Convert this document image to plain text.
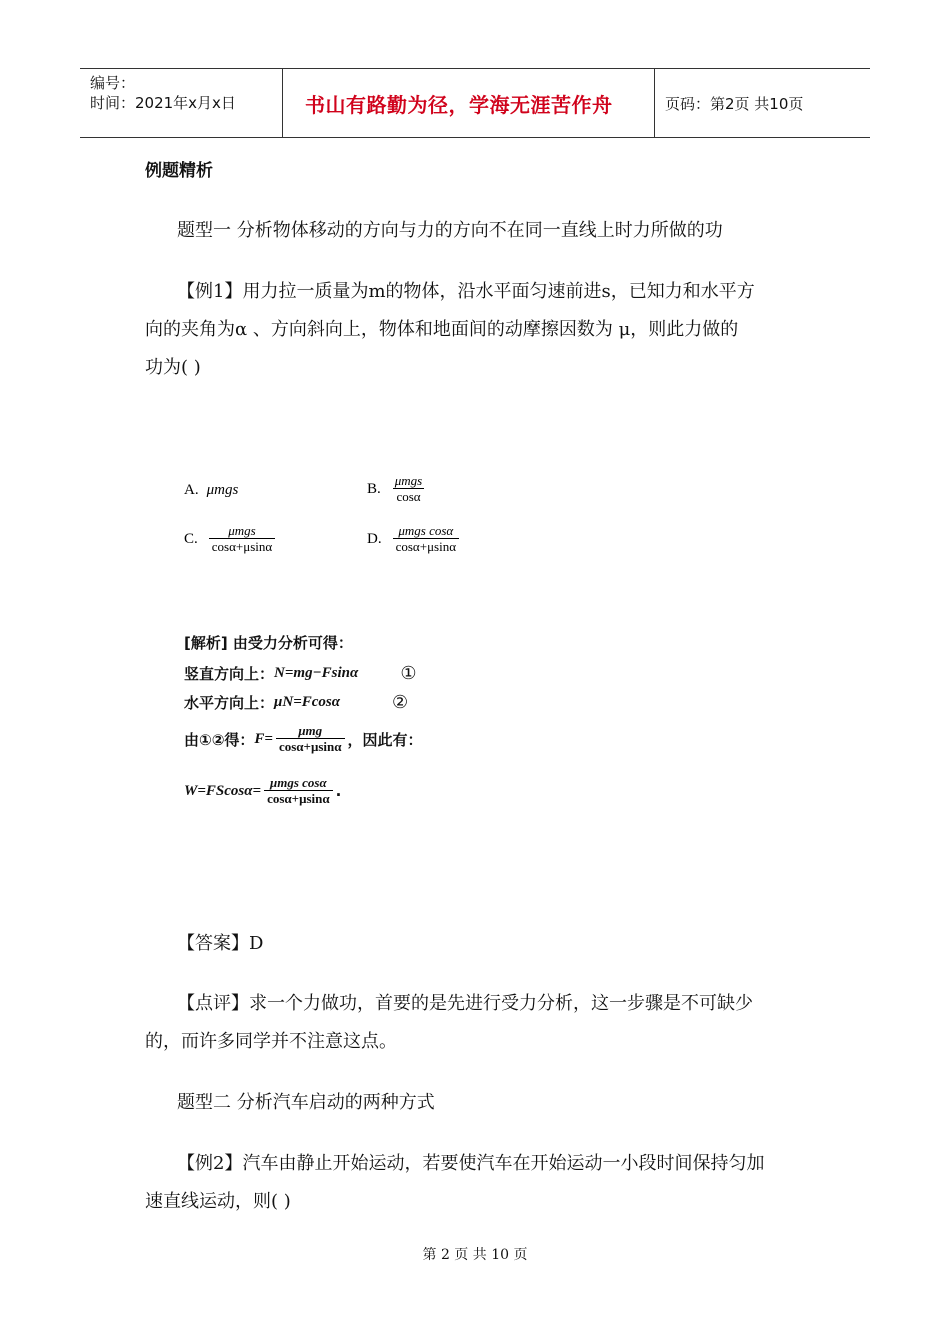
编号：
时间：2021年x月x日	书山有路勤为径，学海无涯苦作舟	页码：第2页 共10页
例题精析
题型一 分析物体移动的方向与力的方向不在同一直线上时力所做的功
【例1】用力拉一质量为m的物体，沿水平面匀速前进s，已知力和水平方
向的夹角为α 、方向斜向上，物体和地面间的动摩擦因数为 μ，则此力做的
功为( )
A. μmgs	B. $\frac{\text{μmgs}}{\cos\alpha}$
C. $\frac{\text{μmgs}}{\cos\alpha+\mu\sin\alpha}$	D. $\frac{\text{μmgs cosα}}{\cos\alpha+\mu\sin\alpha}$
[解析] 由受力分析可得：
竖直方向上： N=mg−Fsinα ①
水平方向上： μN=Fcosα	②
由①②得： $F= \frac{\text{μmg}}{\cos\alpha+\mu\sin\alpha}$ ，因此有：
$W=FScos\alpha= \frac{\text{μmgs cosα}}{\cos\alpha+\mu\sin\alpha}$ .
【答案】D
【点评】求一个力做功，首要的是先进行受力分析，这一步骤是不可缺少
的，而许多同学并不注意这点。
题型二 分析汽车启动的两种方式
【例2】汽车由静止开始运动，若要使汽车在开始运动一小段时间保持匀加
速直线运动，则( )
第 2 页 共 10 页
